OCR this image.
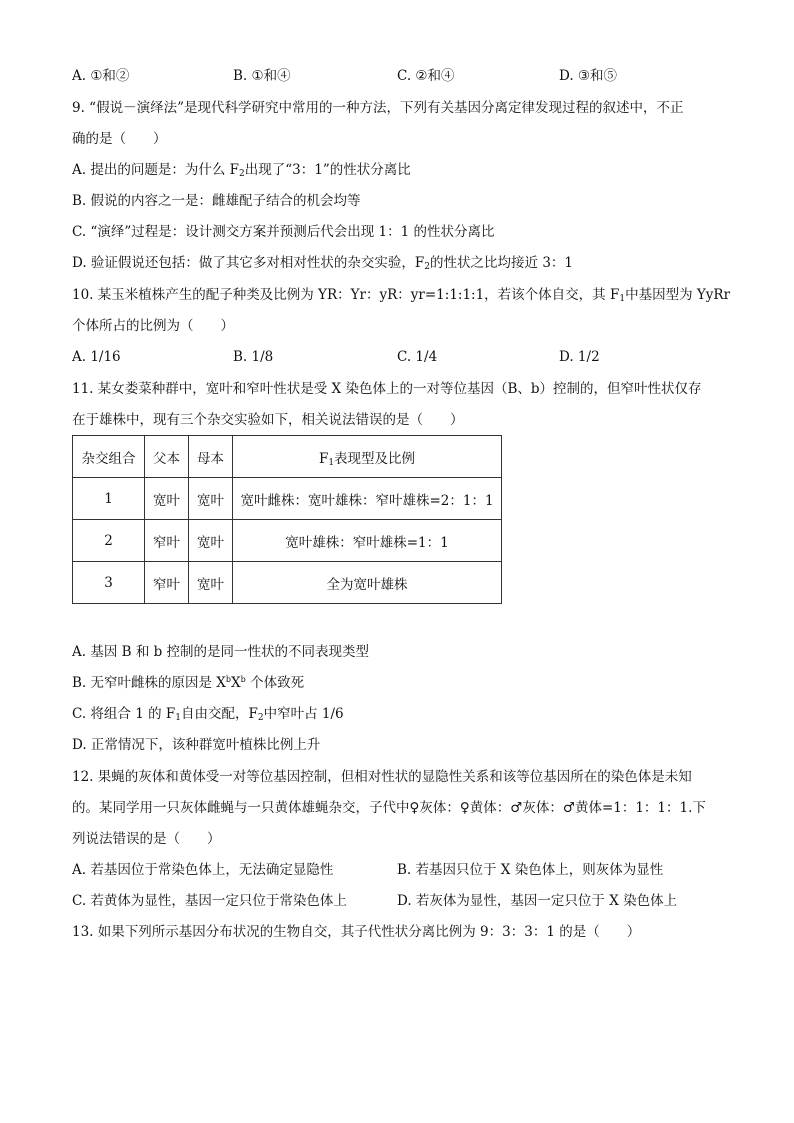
A. ①和②	B. ①和④	C. ②和④	D. ③和⑤
9. “假说－演绎法”是现代科学研究中常用的一种方法，下列有关基因分离定律发现过程的叙述中，不正
确的是（　　）
A. 提出的问题是：为什么 $F_2$出现了“3：1”的性状分离比
B. 假说的内容之一是：雌雄配子结合的机会均等
C. “演绎”过程是：设计测交方案并预测后代会出现 1：1 的性状分离比
D. 验证假说还包括：做了其它多对相对性状的杂交实验，$F_2$的性状之比均接近 3：1
10. 某玉米植株产生的配子种类及比例为 YR：Yr：yR：yr=1:1:1:1，若该个体自交，其 $F_1$中基因型为 YyRr
个体所占的比例为（　　）
A. 1/16	B. 1/8	C. 1/4	D. 1/2
11. 某女娄菜种群中，宽叶和窄叶性状是受 X 染色体上的一对等位基因（B、b）控制的，但窄叶性状仅存
在于雄株中，现有三个杂交实验如下，相关说法错误的是（　　）
杂交组合	父本	母本	$F_1$表现型及比例
1	宽叶	宽叶	宽叶雌株：宽叶雄株：窄叶雄株=2：1：1
2	窄叶	宽叶	宽叶雄株：窄叶雄株=1：1
3	窄叶	宽叶	全为宽叶雄株
A. 基因 B 和 b 控制的是同一性状的不同表现类型
B. 无窄叶雌株的原因是 $X^bX^b$ 个体致死
C. 将组合 1 的 $F_1$自由交配，$F_2$中窄叶占 1/6
D. 正常情况下，该种群宽叶植株比例上升
12. 果蝇的灰体和黄体受一对等位基因控制，但相对性状的显隐性关系和该等位基因所在的染色体是未知
的。某同学用一只灰体雌蝇与一只黄体雄蝇杂交，子代中♀灰体：♀黄体：♂灰体：♂黄体=1：1：1：1.下
列说法错误的是（　　）
A. 若基因位于常染色体上，无法确定显隐性	B. 若基因只位于 X 染色体上，则灰体为显性
C. 若黄体为显性，基因一定只位于常染色体上	D. 若灰体为显性，基因一定只位于 X 染色体上
13. 如果下列所示基因分布状况的生物自交，其子代性状分离比例为 9：3：3：1 的是（　　）
